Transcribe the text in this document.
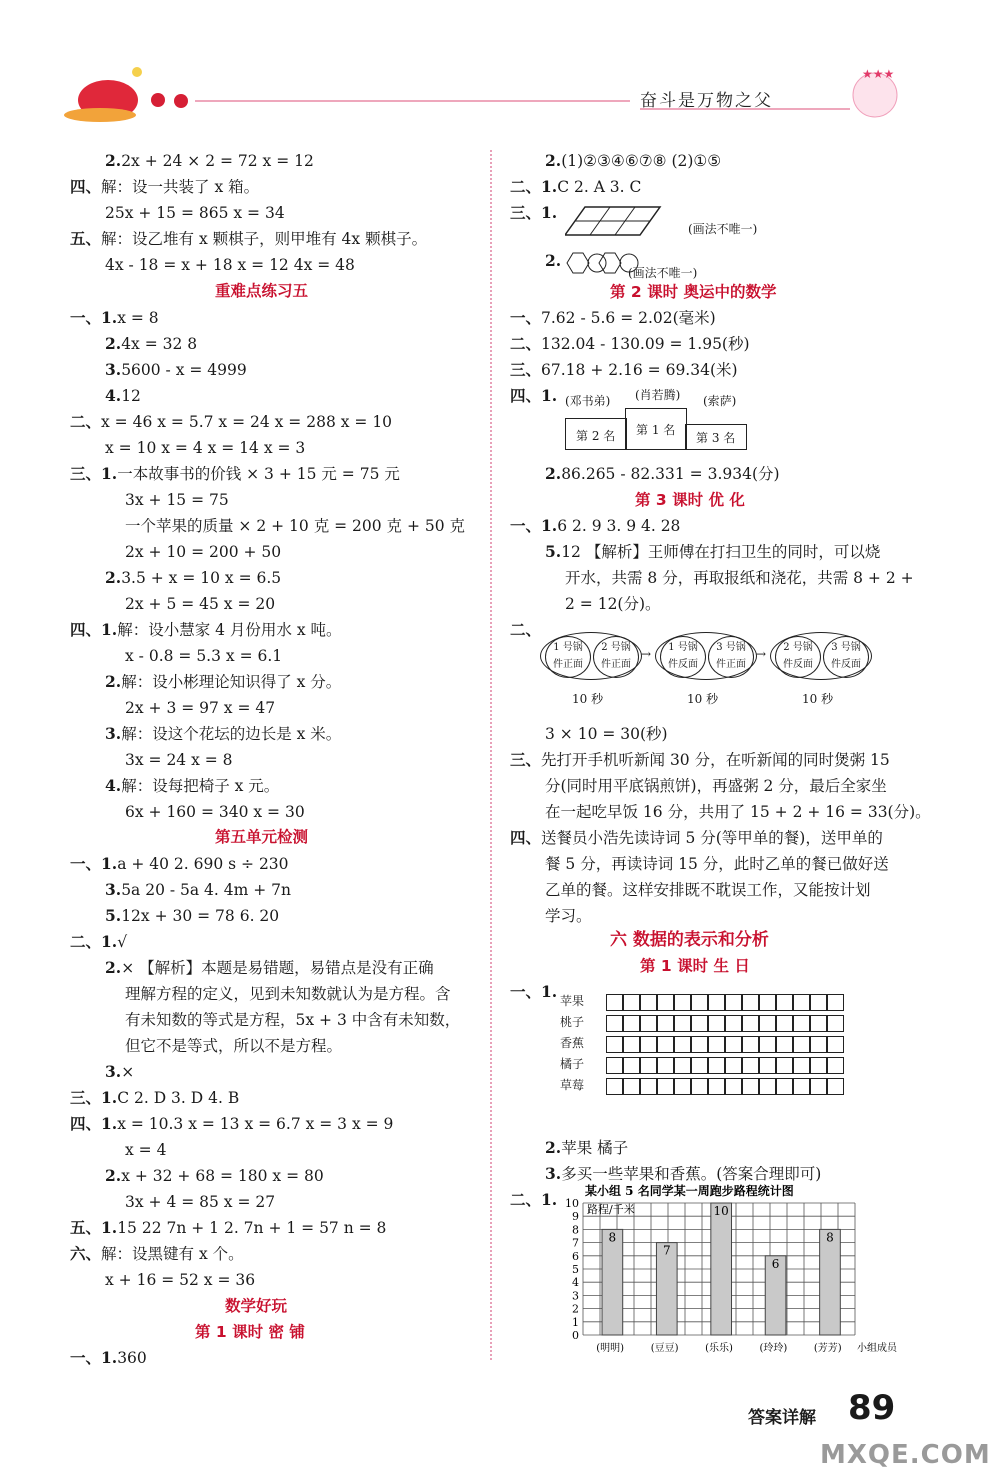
★★★
奋斗是万物之父
2.2x + 24 × 2 = 72 x = 12
四、解：设一共装了 x 箱。
25x + 15 = 865 x = 34
五、解：设乙堆有 x 颗棋子，则甲堆有 4x 颗棋子。
4x - 18 = x + 18 x = 12 4x = 48
一、1.x = 8
2.4x = 32 8
3.5600 - x = 4999
4.12
二、x = 46 x = 5.7 x = 24 x = 288 x = 10
x = 10 x = 4 x = 14 x = 3
三、1.一本故事书的价钱 × 3 + 15 元 = 75 元
3x + 15 = 75
一个苹果的质量 × 2 + 10 克 = 200 克 + 50 克
2x + 10 = 200 + 50
2.3.5 + x = 10 x = 6.5
2x + 5 = 45 x = 20
四、1.解：设小慧家 4 月份用水 x 吨。
x - 0.8 = 5.3 x = 6.1
2.解：设小彬理论知识得了 x 分。
2x + 3 = 97 x = 47
3.解：设这个花坛的边长是 x 米。
3x = 24 x = 8
4.解：设每把椅子 x 元。
6x + 160 = 340 x = 30
一、1.a + 40 2. 690 s ÷ 230
3.5a 20 - 5a 4. 4m + 7n
5.12x + 30 = 78 6. 20
二、1.√
2.× 【解析】本题是易错题，易错点是没有正确
理解方程的定义，见到未知数就认为是方程。含
有未知数的等式是方程，5x + 3 中含有未知数，
但它不是等式，所以不是方程。
3.×
三、1.C 2. D 3. D 4. B
四、1.x = 10.3 x = 13 x = 6.7 x = 3 x = 9
x = 4
2.x + 32 + 68 = 180 x = 80
3x + 4 = 85 x = 27
五、1.15 22 7n + 1 2. 7n + 1 = 57 n = 8
六、解：设黑键有 x 个。
x + 16 = 52 x = 36
一、1.360
重难点练习五
第五单元检测
数学好玩
第 1 课时 密 铺
2.(1)②③④⑥⑦⑧ (2)①⑤
二、1.C 2. A 3. C
三、1.
2.
一、7.62 - 5.6 = 2.02(毫米)
二、132.04 - 130.09 = 1.95(秒)
三、67.18 + 2.16 = 69.34(米)
四、1.
2.86.265 - 82.331 = 3.934(分)
一、1.6 2. 9 3. 9 4. 28
5.12 【解析】王师傅在打扫卫生的同时，可以烧
开水，共需 8 分，再取报纸和浇花，共需 8 + 2 +
2 = 12(分)。
二、
3 × 10 = 30(秒)
三、先打开手机听新闻 30 分，在听新闻的同时煲粥 15
分(同时用平底锅煎饼)，再盛粥 2 分，最后全家坐
在一起吃早饭 16 分，共用了 15 + 2 + 16 = 33(分)。
四、送餐员小浩先读诗词 5 分(等甲单的餐)，送甲单的
餐 5 分，再读诗词 15 分，此时乙单的餐已做好送
乙单的餐。这样安排既不耽误工作，又能按计划
学习。
一、1.
2.苹果 橘子
3.多买一些苹果和香蕉。(答案合理即可)
二、1.
第 2 课时 奥运中的数学
第 3 课时 优 化
第 1 课时 生 日
六 数据的表示和分析
(画法不唯一)
(画法不唯一)
(邓书弟) (肖若腾) (索萨)
第 2 名 第 1 名
第 3 名
1 号锅
件正面
2 号锅
件正面
→
10 秒
1 号锅
件反面
3 号锅
件正面
→
10 秒
2 号锅
件反面
3 号锅
件反面
10 秒
苹果
桃子
香蕉
橘子
草莓
某小组 5 名同学某一周跑步路程统计图
0
1
2
3
4
5
6
7
8
9
10 路程/千米
8
(明明)
7
(豆豆)
10
(乐乐)
6
(玲玲)
8
(芳芳) 小组成员
答案详解 89
MXQE.COM
